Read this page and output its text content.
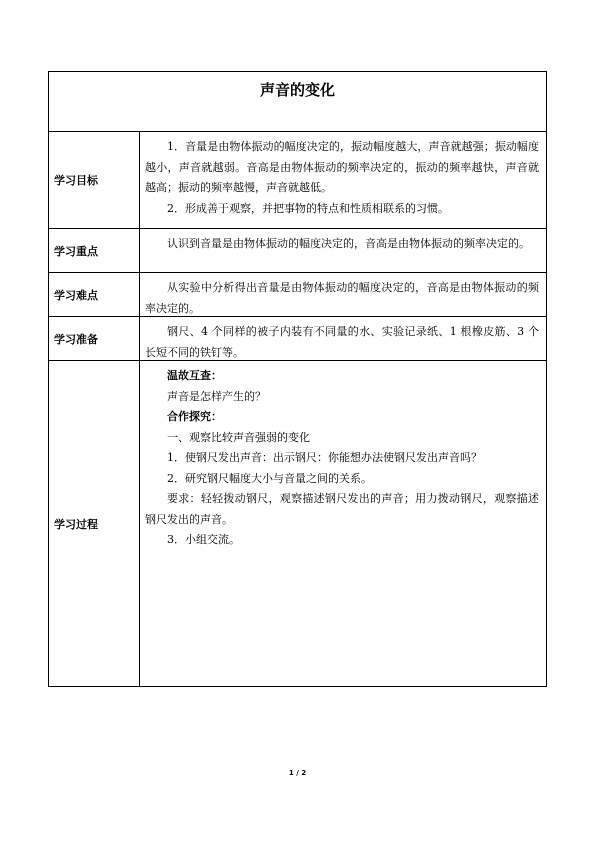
声音的变化
学习目标

1．音量是由物体振动的幅度决定的，振动幅度越大，声音就越强；振动幅度越小，声音就越弱。音高是由物体振动的频率决定的，振动的频率越快，声音就越高；振动的频率越慢，声音就越低。

2．形成善于观察，并把事物的特点和性质相联系的习惯。

学习重点

认识到音量是由物体振动的幅度决定的，音高是由物体振动的频率决定的。

学习难点

从实验中分析得出音量是由物体振动的幅度决定的，音高是由物体振动的频率决定的。

学习准备

钢尺、4 个同样的被子内装有不同量的水、实验记录纸、1 根橡皮筋、3 个长短不同的铁钉等。

学习过程

温故互查：

声音是怎样产生的？

合作探究：

一、观察比较声音强弱的变化

1．使钢尺发出声音：出示钢尺：你能想办法使钢尺发出声音吗？

2．研究钢尺幅度大小与音量之间的关系。

要求：轻轻拨动钢尺，观察描述钢尺发出的声音；用力拨动钢尺，观察描述钢尺发出的声音。

3．小组交流。

1 / 2
